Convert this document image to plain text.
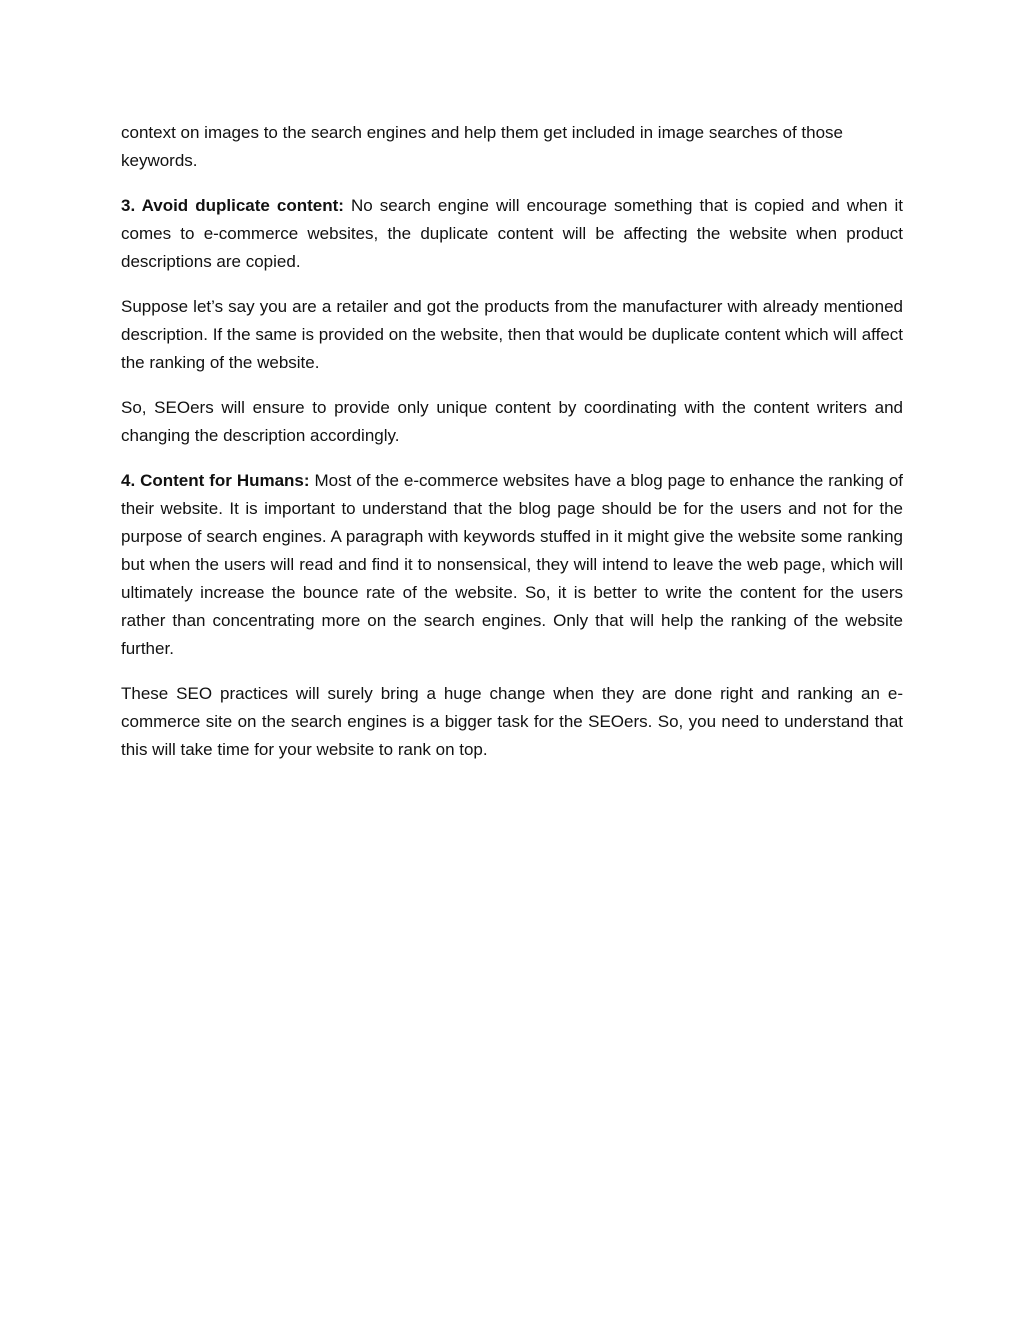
context on images to the search engines and help them get included in image searches of those keywords.

3. Avoid duplicate content: No search engine will encourage something that is copied and when it comes to e-commerce websites, the duplicate content will be affecting the website when product descriptions are copied.

Suppose let’s say you are a retailer and got the products from the manufacturer with already mentioned description. If the same is provided on the website, then that would be duplicate content which will affect the ranking of the website.

So, SEOers will ensure to provide only unique content by coordinating with the content writers and changing the description accordingly.

4. Content for Humans: Most of the e-commerce websites have a blog page to enhance the ranking of their website. It is important to understand that the blog page should be for the users and not for the purpose of search engines. A paragraph with keywords stuffed in it might give the website some ranking but when the users will read and find it to nonsensical, they will intend to leave the web page, which will ultimately increase the bounce rate of the website. So, it is better to write the content for the users rather than concentrating more on the search engines. Only that will help the ranking of the website further.

These SEO practices will surely bring a huge change when they are done right and ranking an e-commerce site on the search engines is a bigger task for the SEOers. So, you need to understand that this will take time for your website to rank on top.
